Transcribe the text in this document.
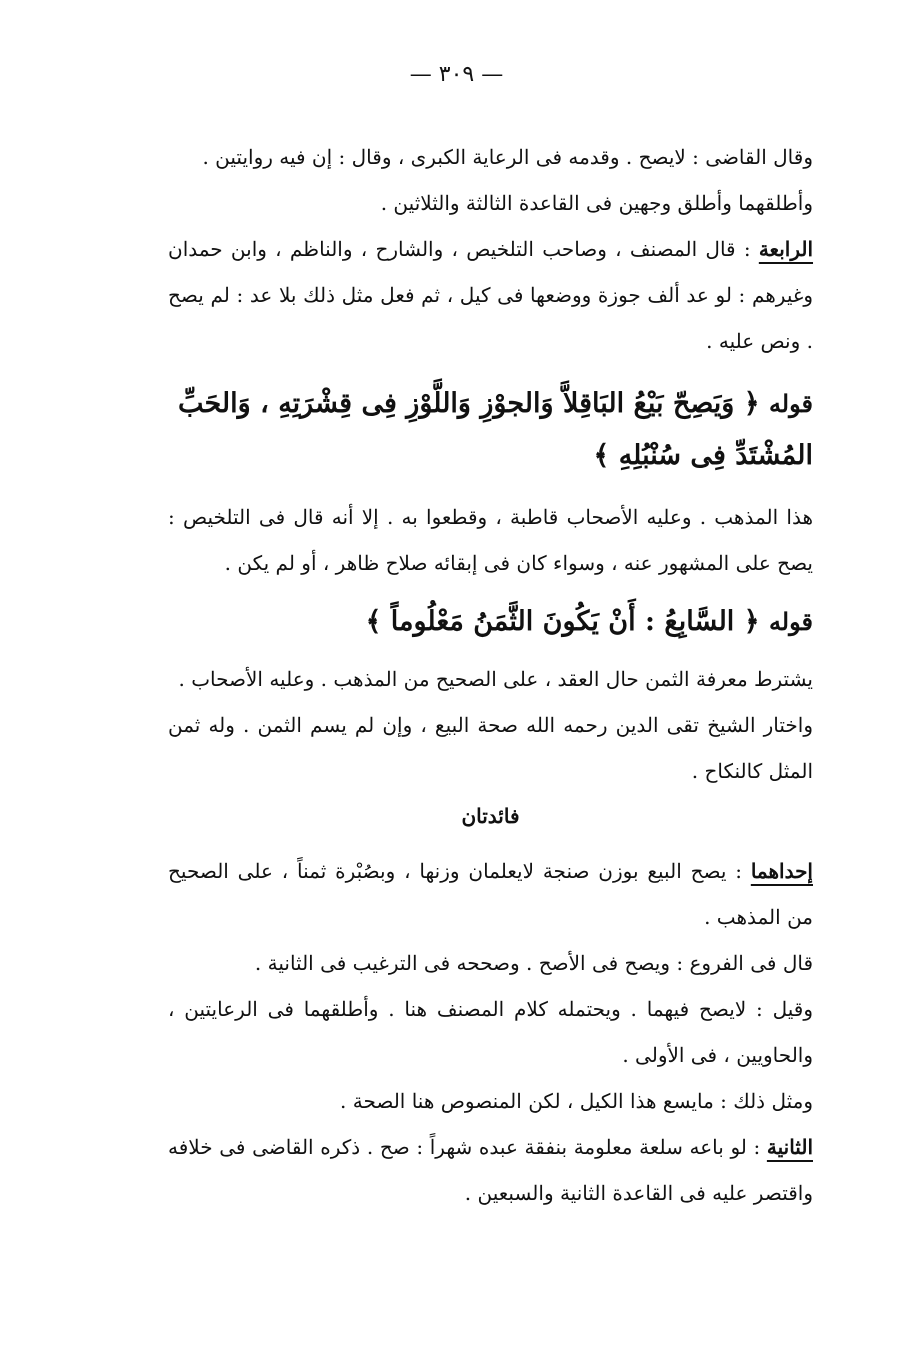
— ٣٠٩ —

وقال القاضى : لايصح . وقدمه فى الرعاية الكبرى ، وقال : إن فيه روايتين .

وأطلقهما وأطلق وجهين فى القاعدة الثالثة والثلاثين .

الرابعة : قال المصنف ، وصاحب التلخيص ، والشارح ، والناظم ، وابن حمدان وغيرهم : لو عد ألف جوزة ووضعها فى كيل ، ثم فعل مثل ذلك بلا عد : لم يصح . ونص عليه .

قوله ﴿ وَيَصِحّ بَيْعُ البَاقِلاَّ وَالجوْزِ وَاللَّوْزِ فِى قِشْرَتِهِ ، وَالحَبِّ المُشْتَدِّ فِى سُنْبُلِهِ ﴾

هذا المذهب . وعليه الأصحاب قاطبة ، وقطعوا به . إلا أنه قال فى التلخيص : يصح على المشهور عنه ، وسواء كان فى إبقائه صلاح ظاهر ، أو لم يكن .

قوله ﴿ السَّابِعُ : أَنْ يَكُونَ الثَّمَنُ مَعْلُوماً ﴾

يشترط معرفة الثمن حال العقد ، على الصحيح من المذهب . وعليه الأصحاب .

واختار الشيخ تقى الدين رحمه الله صحة البيع ، وإن لم يسم الثمن . وله ثمن المثل كالنكاح .

فائدتان

إحداهما : يصح البيع بوزن صنجة لايعلمان وزنها ، وبصُبْرة ثمناً ، على الصحيح من المذهب .

قال فى الفروع : ويصح فى الأصح . وصححه فى الترغيب فى الثانية .

وقيل : لايصح فيهما . ويحتمله كلام المصنف هنا . وأطلقهما فى الرعايتين ، والحاويين ، فى الأولى .

ومثل ذلك : مايسع هذا الكيل ، لكن المنصوص هنا الصحة .

الثانية : لو باعه سلعة معلومة بنفقة عبده شهراً : صح . ذكره القاضى فى خلافه واقتصر عليه فى القاعدة الثانية والسبعين .
